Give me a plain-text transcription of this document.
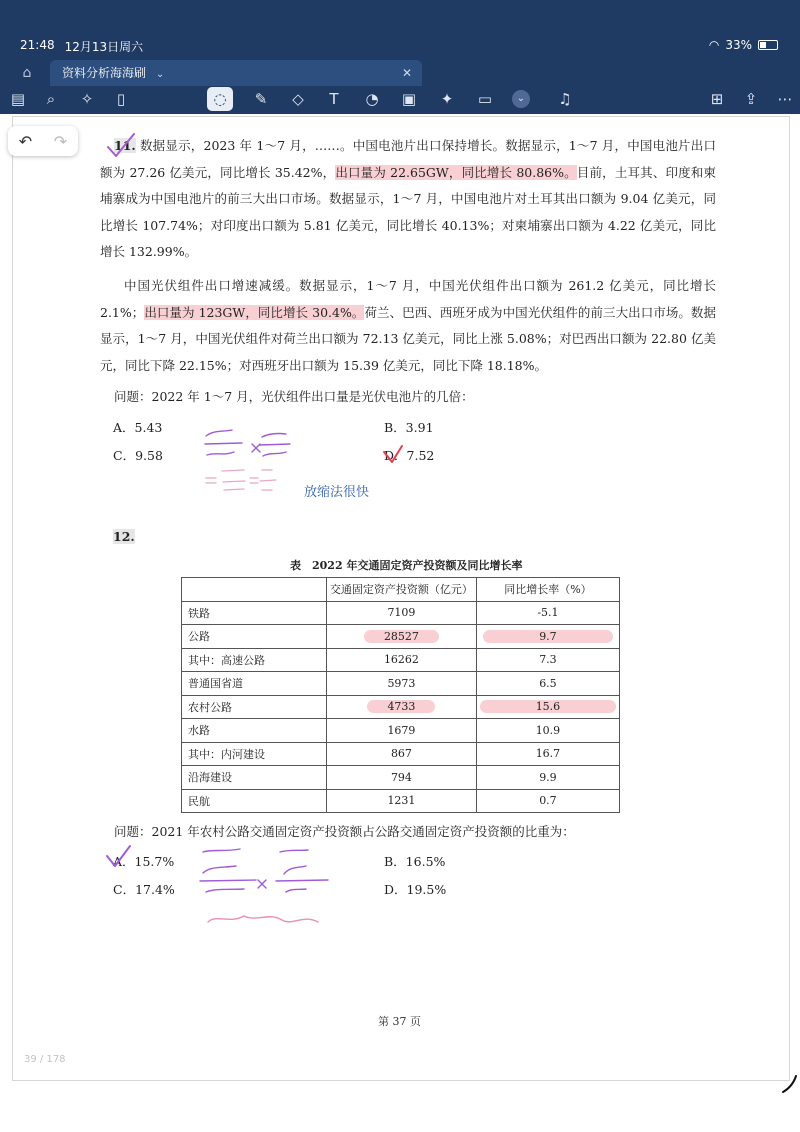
21:48 12月13日周六	◠ 33%
⌂	资料分析海海刷 ⌄	✕
▤	⌕	✧	▯	◌	✎	◇	T	◔ ▣	✦	▭	⌄	♫	⊞	⇪	⋯
↶ ↷	11. 数据显示，2023 年 1～7 月，……。中国电池片出口保持增长。数据显示，1～7 月，中国电池片出口额为 27.26 亿美元，同比增长 35.42%，出口量为 22.65GW，同比增长 80.86%。目前，土耳其、印度和柬埔寨成为中国电池片的前三大出口市场。数据显示，1～7 月，中国电池片对土耳其出口额为 9.04 亿美元，同比增长 107.74%；对印度出口额为 5.81 亿美元，同比增长 40.13%；对柬埔寨出口额为 4.22 亿美元，同比增长 132.99%。
中国光伏组件出口增速减缓。数据显示，1～7 月，中国光伏组件出口额为 261.2 亿美元，同比增长 2.1%；出口量为 123GW，同比增长 30.4%。荷兰、巴西、西班牙成为中国光伏组件的前三大出口市场。数据显示，1～7 月，中国光伏组件对荷兰出口额为 72.13 亿美元，同比上涨 5.08%；对巴西出口额为 22.80 亿美元，同比下降 22.15%；对西班牙出口额为 15.39 亿美元，同比下降 18.18%。
问题：2022 年 1～7 月，光伏组件出口量是光伏电池片的几倍：
A．5.43	B．3.91
C．9.58	D．7.52
放缩法很快
12.
表　2022 年交通固定资产投资额及同比增长率
	交通固定资产投资额（亿元）	同比增长率（%）
铁路	7109	-5.1
公路	28527	9.7
其中：高速公路	16262	7.3
普通国省道	5973	6.5
农村公路	4733	15.6
水路	1679	10.9
其中：内河建设	867	16.7
沿海建设	794	9.9
民航	1231	0.7
问题：2021 年农村公路交通固定资产投资额占公路交通固定资产投资额的比重为：
A．15.7%	B．16.5%
C．17.4%	D．19.5%
第 37 页
39 / 178
